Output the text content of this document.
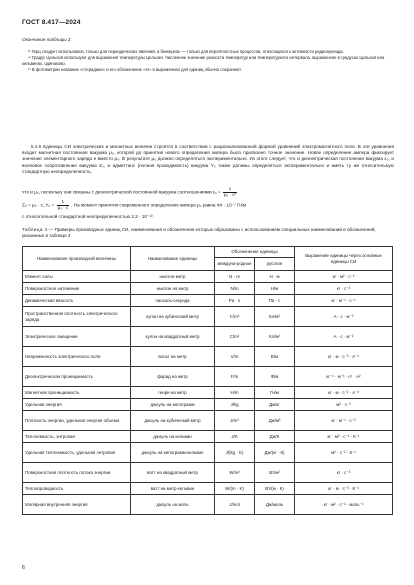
ГОСТ 8.417—2024
Окончание таблицы 3

³⁾ Герц следует использовать только для периодических явлений, а беккерель — только для вероятностных процессов, относящихся к активности радионуклида.

⁴⁾ Градус Цельсия используют для выражения температуры Цельсия. Численное значение разности температур или температурного интервала, выраженное в градусах Цельсия или кельвинах, одинаково.

⁵⁾ В фотометрии название «стерадиан» и его обозначение «sr» в выражениях для единиц обычно сохраняют.

5.2.6 Единицы СИ электрических и магнитных величин строятся в соответствии с рационализованной формой уравнений электромагнитного поля. В эти уравнения входит магнитная постоянная вакуума μ₀, которой до принятия нового определения ампера было присвоено точное значение. Новое определение ампера фиксирует значение элементарного заряда e вместо μ₀. В результате μ₀ должно определяться экспериментально. Из этого следует, что и диэлектрическая постоянная вакуума ε₀, и волновое сопротивление вакуума Z₀, и адмиттанс (полная проводимость) вакуума Y₀ также должны определяться экспериментально и иметь ту же относительную стандартную неопределенность,

что и μ₀, поскольку они связаны с диэлектрической постоянной вакуума соотношениями $\varepsilon_0 = \frac{1}{\text{μ₀ · c²}}$
Z₀ = μ₀ · c, $Y_0 = \frac{1}{\text{μ₀ · c}}$ . На момент принятия современного определения ампера μ₀ равна 4π · 10⁻⁷ Гн/м
с относительной стандартной неопределенностью 2,3 · 10⁻¹⁰.
Таблица 4 — Примеры производных единиц СИ, наименования и обозначения которых образованы с использованием специальных наименований и обозначений, указанных в таблице 3
Наименование производной величины	Наименование единицы	Обозначение единицы		Выражение единицы через основные единицы СИ
		междуна-родное	русское	
Момент силы	ньютон-метр	N · m	Н · м	кг · м² · с⁻²
Поверхностное натяжение	ньютон на метр	N/m	Н/м	кг · с⁻²
Динамическая вязкость	паскаль-секунда	Pa · s	Па · с	кг · м⁻¹ · с⁻¹
Пространственная плотность электрического заряда	кулон на кубический метр	C/m³	Кл/м³	А · с · м⁻³
Электрическое смещение	кулон на квадратный метр	C/m²	Кл/м²	А · с · м⁻²
Напряженность электрического поля	вольт на метр	V/m	В/м	кг · м · с⁻³ · А⁻¹
Диэлектрическая проницаемость	фарад на метр	F/m	Ф/м	кг⁻¹ · м⁻³ · с⁴ · А²
Магнитная проницаемость	генри на метр	H/m	Гн/м	кг · м · с⁻² · А⁻²
Удельная энергия	джоуль на килограмм	J/kg	Дж/кг	м² · с⁻²
Плотность энергии, удельная энергия объема	джоуль на кубический метр	J/m³	Дж/м³	кг · м⁻¹ · с⁻²
Теплоемкость, энтропия	джоуль на кельвин	J/K	Дж/К	кг · м² · с⁻² · К⁻¹
Удельная теплоемкость, удельная энтропия	джоуль на килограмм-кельвин	J/(kg · K)	Дж/(кг · К)	м² · с⁻² · К⁻¹
Поверхностная плотность потока энергии	ватт на квадратный метр	W/m²	Вт/м²	кг · с⁻³
Теплопроводность	ватт на метр-кельвин	W/(m · K)	Вт/(м · К)	кг · м · с⁻³ · К⁻¹
Молярная внутренняя энергия	джоуль на моль	J/mol	Дж/моль	кг · м² · с⁻² · моль⁻¹
6
